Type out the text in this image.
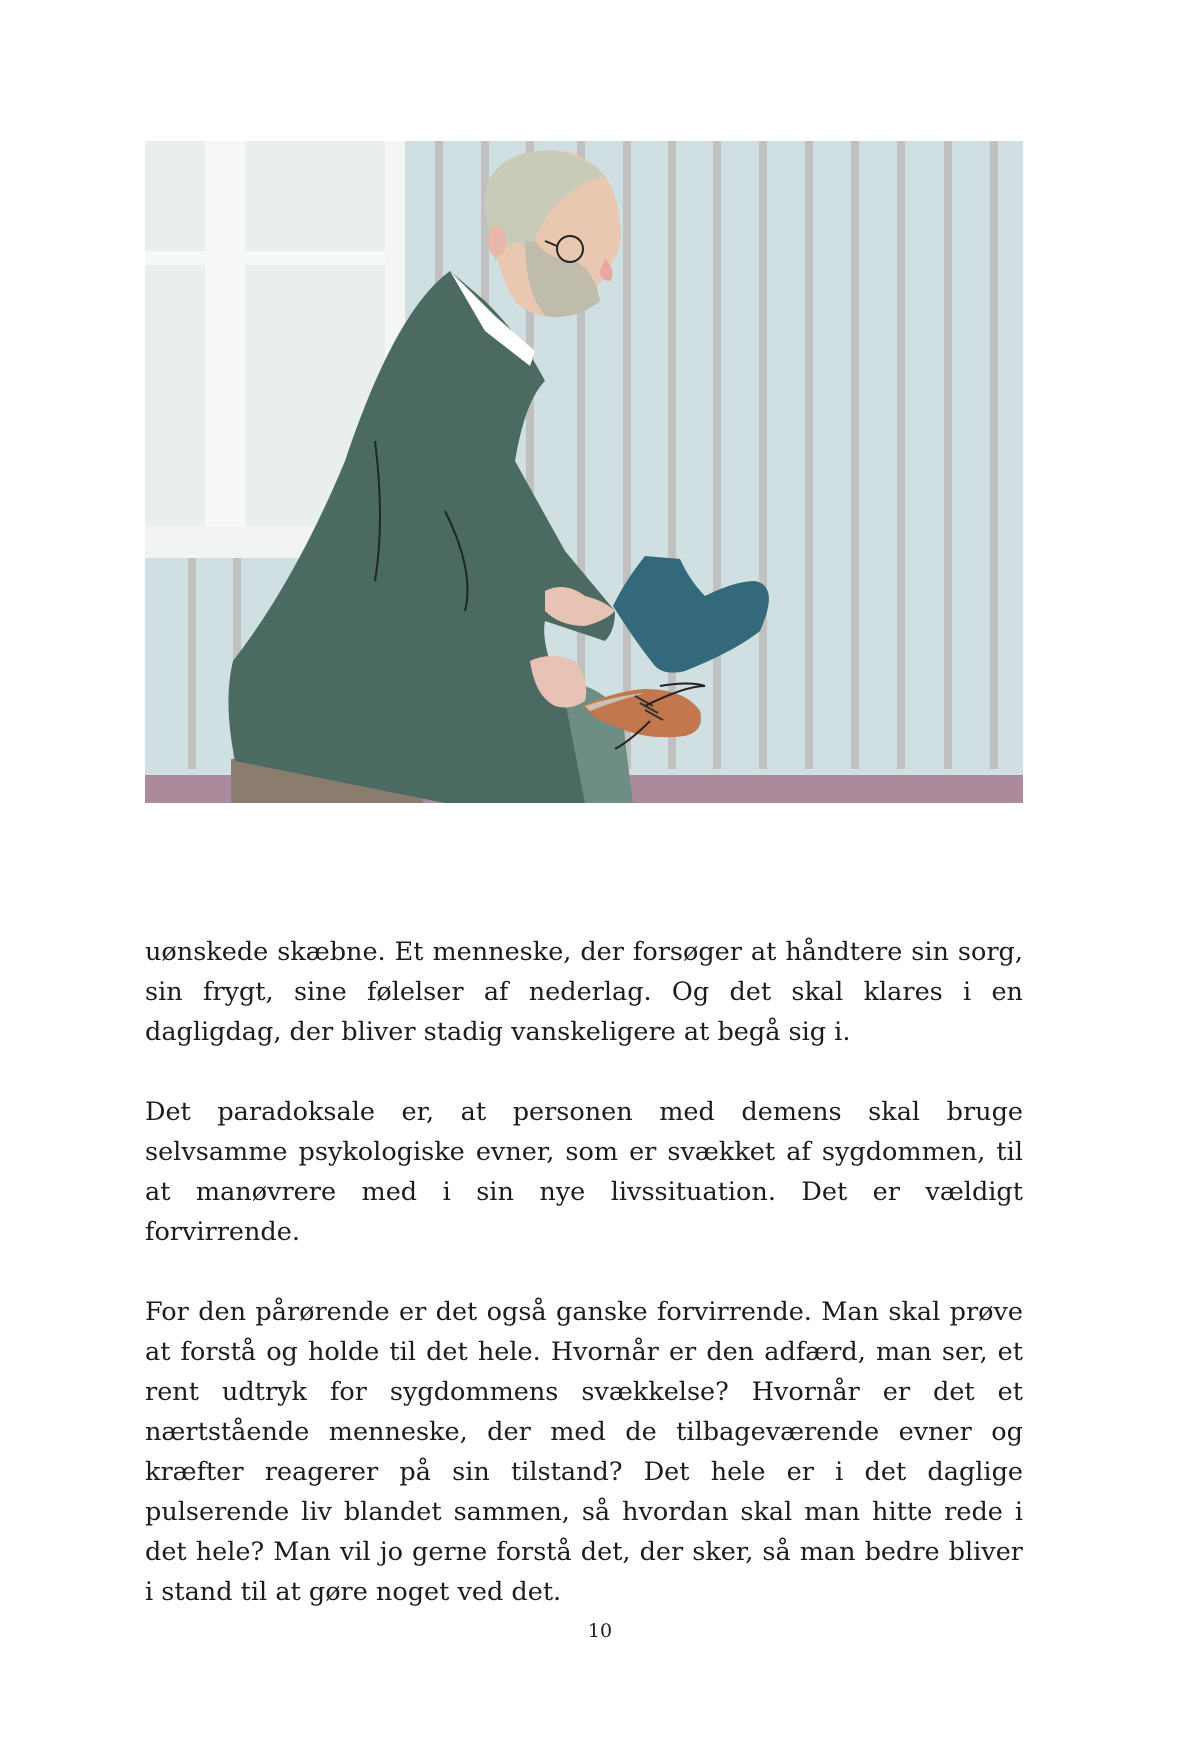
uønskede skæbne. Et menneske, der forsøger at håndtere sin sorg, sin frygt, sine følelser af nederlag. Og det skal klares i en dagligdag, der bliver stadig vanskeligere at begå sig i.

Det paradoksale er, at personen med demens skal bruge selvsamme psykologiske evner, som er svækket af sygdommen, til at manøvrere med i sin nye livssituation. Det er vældigt forvirrende.

For den pårørende er det også ganske forvirrende. Man skal prøve at forstå og holde til det hele. Hvornår er den adfærd, man ser, et rent udtryk for sygdommens svækkelse? Hvornår er det et nærtstående menneske, der med de tilbageværende evner og kræfter reagerer på sin tilstand? Det hele er i det daglige pulserende liv blandet sammen, så hvordan skal man hitte rede i det hele? Man vil jo gerne forstå det, der sker, så man bedre bliver i stand til at gøre noget ved det.

10
